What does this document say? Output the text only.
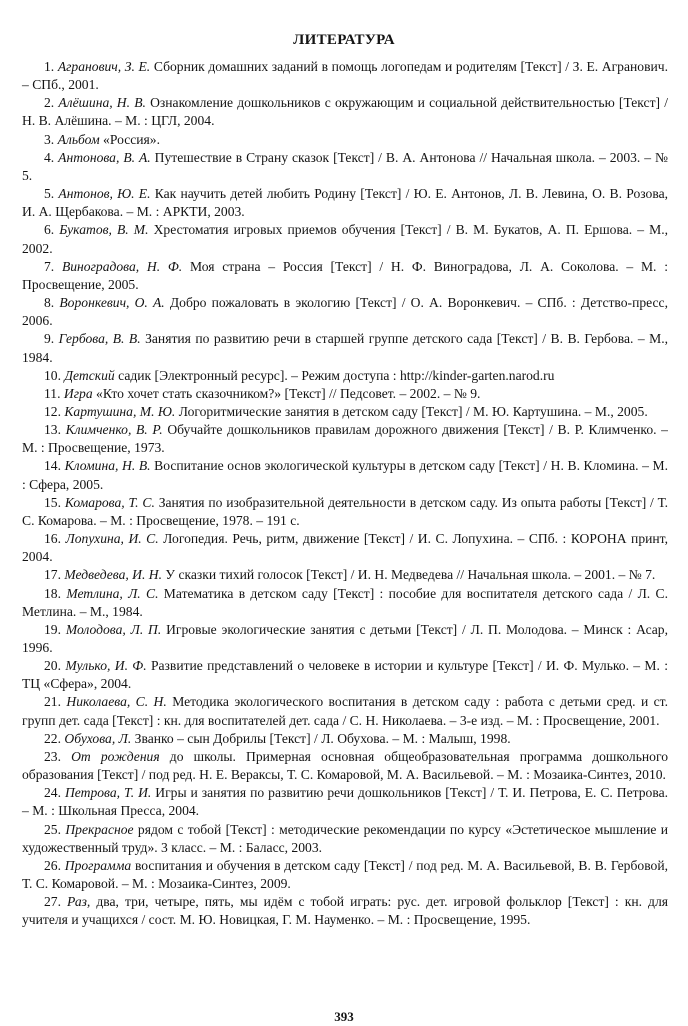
ЛИТЕРАТУРА

1. Агранович, З. Е. Сборник домашних заданий в помощь логопедам и родителям [Текст] / З. Е. Агранович. – СПб., 2001.

2. Алёшина, Н. В. Ознакомление дошкольников с окружающим и социальной действительностью [Текст] / Н. В. Алёшина. – М. : ЦГЛ, 2004.

3. Альбом «Россия».

4. Антонова, В. А. Путешествие в Страну сказок [Текст] / В. А. Антонова // Начальная школа. – 2003. – № 5.

5. Антонов, Ю. Е. Как научить детей любить Родину [Текст] / Ю. Е. Антонов, Л. В. Левина, О. В. Розова, И. А. Щербакова. – М. : АРКТИ, 2003.

6. Букатов, В. М. Хрестоматия игровых приемов обучения [Текст] / В. М. Букатов, А. П. Ершова. – М., 2002.

7. Виноградова, Н. Ф. Моя страна – Россия [Текст] / Н. Ф. Виноградова, Л. А. Соколова. – М. : Просвещение, 2005.

8. Воронкевич, О. А. Добро пожаловать в экологию [Текст] / О. А. Воронкевич. – СПб. : Детство-пресс, 2006.

9. Гербова, В. В. Занятия по развитию речи в старшей группе детского сада [Текст] / В. В. Гербова. – М., 1984.

10. Детский садик [Электронный ресурс]. – Режим доступа : http://kinder-garten.narod.ru

11. Игра «Кто хочет стать сказочником?» [Текст] // Педсовет. – 2002. – № 9.

12. Картушина, М. Ю. Логоритмические занятия в детском саду [Текст] / М. Ю. Картушина. – М., 2005.

13. Климченко, В. Р. Обучайте дошкольников правилам дорожного движения [Текст] / В. Р. Климченко. – М. : Просвещение, 1973.

14. Кломина, Н. В. Воспитание основ экологической культуры в детском саду [Текст] / Н. В. Кломина. – М. : Сфера, 2005.

15. Комарова, Т. С. Занятия по изобразительной деятельности в детском саду. Из опыта работы [Текст] / Т. С. Комарова. – М. : Просвещение, 1978. – 191 с.

16. Лопухина, И. С. Логопедия. Речь, ритм, движение [Текст] / И. С. Лопухина. – СПб. : КОРОНА принт, 2004.

17. Медведева, И. Н. У сказки тихий голосок [Текст] / И. Н. Медведева // Начальная школа. – 2001. – № 7.

18. Метлина, Л. С. Математика в детском саду [Текст] : пособие для воспитателя детского сада / Л. С. Метлина. – М., 1984.

19. Молодова, Л. П. Игровые экологические занятия с детьми [Текст] / Л. П. Молодова. – Минск : Асар, 1996.

20. Мулько, И. Ф. Развитие представлений о человеке в истории и культуре [Текст] / И. Ф. Мулько. – М. : ТЦ «Сфера», 2004.

21. Николаева, С. Н. Методика экологического воспитания в детском саду : работа с детьми сред. и ст. групп дет. сада [Текст] : кн. для воспитателей дет. сада / С. Н. Николаева. – 3-е изд. – М. : Просвещение, 2001.

22. Обухова, Л. Званко – сын Добрилы [Текст] / Л. Обухова. – М. : Малыш, 1998.

23. От рождения до школы. Примерная основная общеобразовательная программа дошкольного образования [Текст] / под ред. Н. Е. Вераксы, Т. С. Комаровой, М. А. Васильевой. – М. : Мозаика-Синтез, 2010.

24. Петрова, Т. И. Игры и занятия по развитию речи дошкольников [Текст] / Т. И. Петрова, Е. С. Петрова. – М. : Школьная Пресса, 2004.

25. Прекрасное рядом с тобой [Текст] : методические рекомендации по курсу «Эстетическое мышление и художественный труд». 3 класс. – М. : Баласс, 2003.

26. Программа воспитания и обучения в детском саду [Текст] / под ред. М. А. Васильевой, В. В. Гербовой, Т. С. Комаровой. – М. : Мозаика-Синтез, 2009.

27. Раз, два, три, четыре, пять, мы идём с тобой играть: рус. дет. игровой фольклор [Текст] : кн. для учителя и учащихся / сост. М. Ю. Новицкая, Г. М. Науменко. – М. : Просвещение, 1995.

393
